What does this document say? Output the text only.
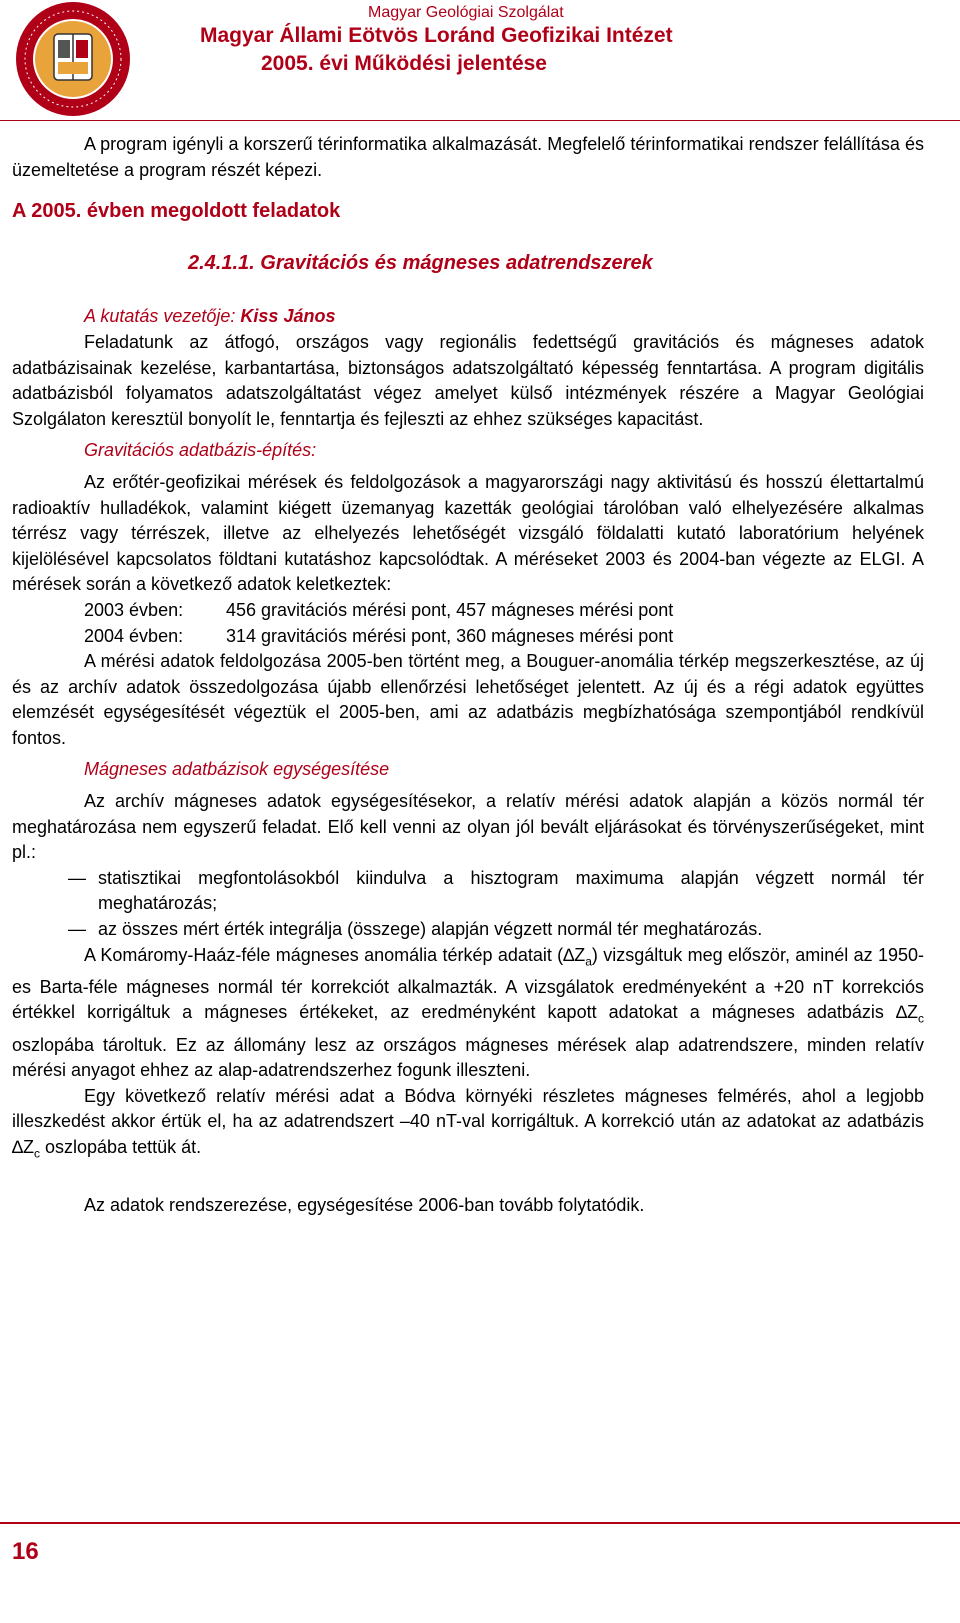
Magyar Geológiai Szolgálat
Magyar Állami Eötvös Loránd Geofizikai Intézet
2005. évi Működési jelentése

A program igényli a korszerű térinformatika alkalmazását. Megfelelő térinformatikai rendszer felállítása és üzemeltetése a program részét képezi.

A 2005. évben megoldott feladatok

2.4.1.1. Gravitációs és mágneses adatrendszerek

A kutatás vezetője: Kiss János

Feladatunk az átfogó, országos vagy regionális fedettségű gravitációs és mágneses adatok adatbázisainak kezelése, karbantartása, biztonságos adatszolgáltató képesség fenntartása. A program digitális adatbázisból folyamatos adatszolgáltatást végez amelyet külső intézmények részére a Magyar Geológiai Szolgálaton keresztül bonyolít le, fenntartja és fejleszti az ehhez szükséges kapacitást.

Gravitációs adatbázis-építés:

Az erőtér-geofizikai mérések és feldolgozások a magyarországi nagy aktivitású és hosszú élettartalmú radioaktív hulladékok, valamint kiégett üzemanyag kazetták geológiai tárolóban való elhelyezésére alkalmas térrész vagy térrészek, illetve az elhelyezés lehetőségét vizsgáló földalatti kutató laboratórium helyének kijelölésével kapcsolatos földtani kutatáshoz kapcsolódtak. A méréseket 2003 és 2004-ban végezte az ELGI. A mérések során a következő adatok keletkeztek:

2003 évben: 456 gravitációs mérési pont, 457 mágneses mérési pont

2004 évben: 314 gravitációs mérési pont, 360 mágneses mérési pont

A mérési adatok feldolgozása 2005-ben történt meg, a Bouguer-anomália térkép megszerkesztése, az új és az archív adatok összedolgozása újabb ellenőrzési lehetőséget jelentett. Az új és a régi adatok együttes elemzését egységesítését végeztük el 2005-ben, ami az adatbázis megbízhatósága szempontjából rendkívül fontos.

Mágneses adatbázisok egységesítése

Az archív mágneses adatok egységesítésekor, a relatív mérési adatok alapján a közös normál tér meghatározása nem egyszerű feladat. Elő kell venni az olyan jól bevált eljárásokat és törvényszerűségeket, mint pl.:

— statisztikai megfontolásokból kiindulva a hisztogram maximuma alapján végzett normál tér meghatározás;

— az összes mért érték integrálja (összege) alapján végzett normál tér meghatározás.

A Komáromy-Haáz-féle mágneses anomália térkép adatait $(\Delta Z_a)$ vizsgáltuk meg először, aminél az 1950-es Barta-féle mágneses normál tér korrekciót alkalmazták. A vizsgálatok eredményeként a +20 nT korrekciós értékkel korrigáltuk a mágneses értékeket, az eredményként kapott adatokat a mágneses adatbázis $\Delta Z_c$ oszlopába tároltuk. Ez az állomány lesz az országos mágneses mérések alap adatrendszere, minden relatív mérési anyagot ehhez az alap-adatrendszerhez fogunk illeszteni.

Egy következő relatív mérési adat a Bódva környéki részletes mágneses felmérés, ahol a legjobb illeszkedést akkor értük el, ha az adatrendszert –40 nT-val korrigáltuk. A korrekció után az adatokat az adatbázis $\Delta Z_c$ oszlopába tettük át.

Az adatok rendszerezése, egységesítése 2006-ban tovább folytatódik.

16
